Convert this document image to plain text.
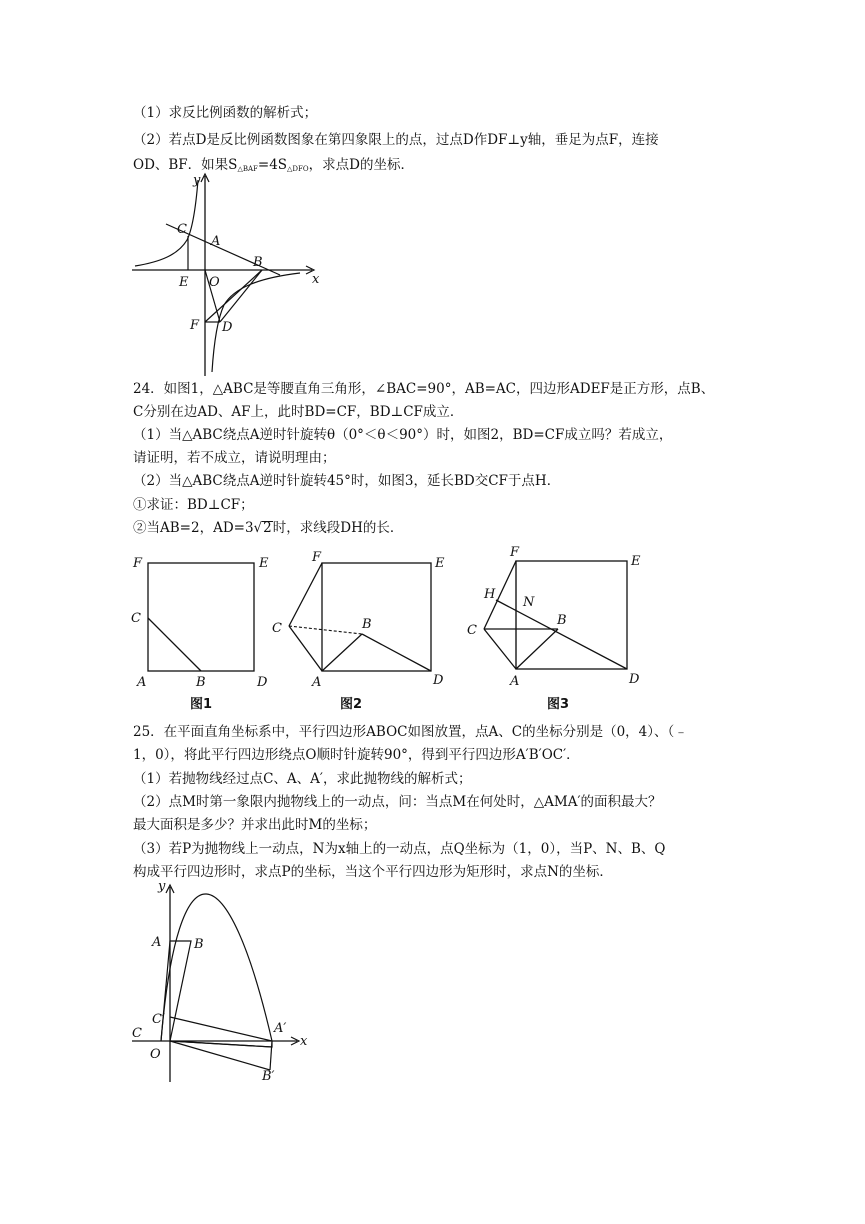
（1）求反比例函数的解析式；
（2）若点D是反比例函数图象在第四象限上的点，过点D作DF⊥y轴，垂足为点F，连接
OD、BF．如果$S_{\triangle BAF}=4S_{\triangle DFO}$，求点D的坐标．
y
x
C
A
B
E O
F D
24．如图1，△ABC是等腰直角三角形，∠BAC=90°，AB=AC，四边形ADEF是正方形，点B、
C分别在边AD、AF上，此时BD=CF，BD⊥CF成立．
（1）当△ABC绕点A逆时针旋转θ（0°＜θ＜90°）时，如图2，BD=CF成立吗？若成立，
请证明，若不成立，请说明理由；
（2）当△ABC绕点A逆时针旋转45°时，如图3，延长BD交CF于点H．
①求证：BD⊥CF；
②当AB=2，AD=3√2时，求线段DH的长．
F	E
C
A	B	D
图1
F	E
C	B
A	D
图2
F
E
H
N
C
B
A	D
图3
25．在平面直角坐标系中，平行四边形ABOC如图放置，点A、C的坐标分别是（0，4）、（﹣
1，0），将此平行四边形绕点O顺时针旋转90°，得到平行四边形A′B′OC′．
（1）若抛物线经过点C、A、A′，求此抛物线的解析式；
（2）点M时第一象限内抛物线上的一动点，问：当点M在何处时，△AMA′的面积最大？
最大面积是多少？并求出此时M的坐标；
（3）若P为抛物线上一动点，N为x轴上的一动点，点Q坐标为（1，0），当P、N、B、Q
构成平行四边形时，求点P的坐标，当这个平行四边形为矩形时，求点N的坐标．
y
x
A	B
C′
C	A′
O
B′
